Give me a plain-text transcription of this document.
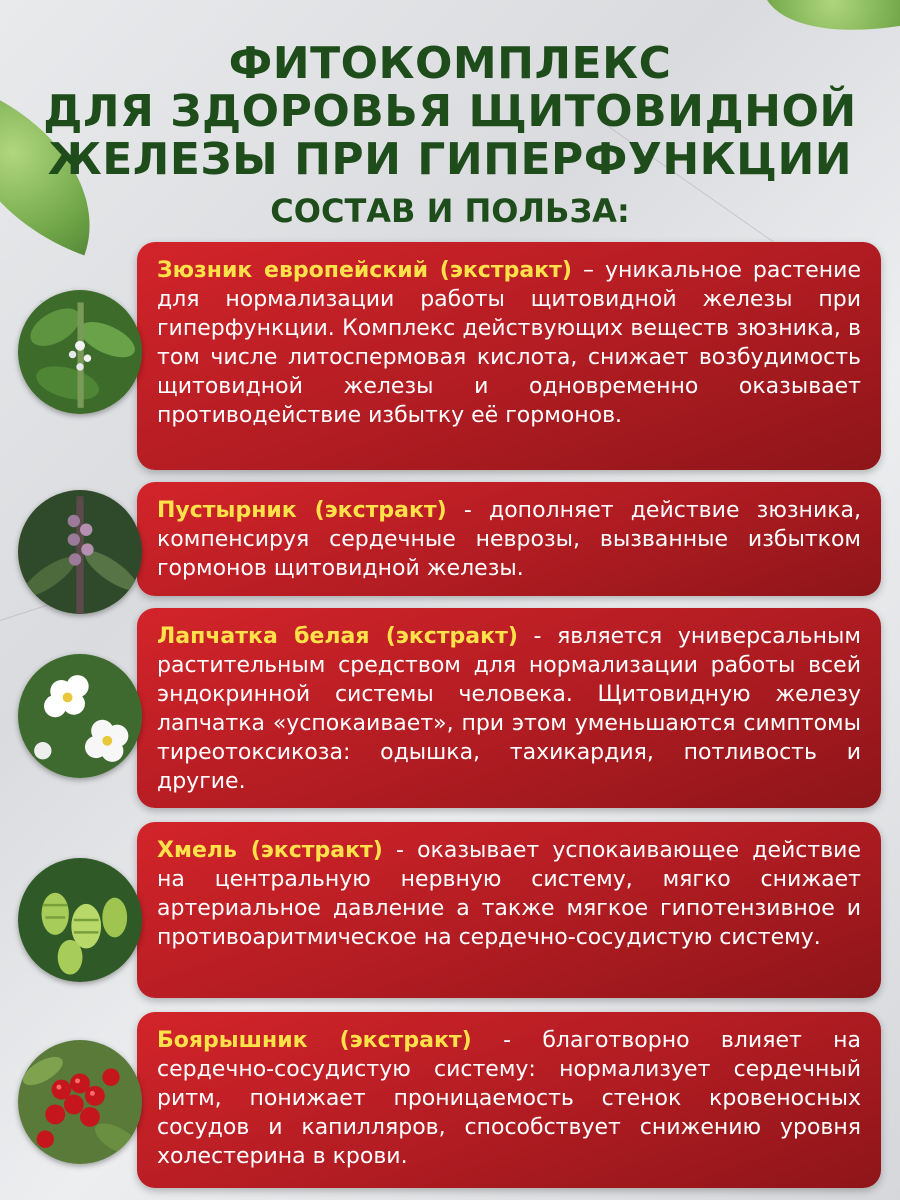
ФИТОКОМПЛЕКС
ДЛЯ ЗДОРОВЬЯ ЩИТОВИДНОЙ
ЖЕЛЕЗЫ ПРИ ГИПЕРФУНКЦИИ
СОСТАВ И ПОЛЬЗА:

Зюзник европейский (экстракт) – уникальное растение для нормализации работы щитовидной железы при гиперфункции. Комплекс действующих веществ зюзника, в том числе литоспермовая кислота, снижает возбудимость щитовидной железы и одновременно оказывает противодействие избытку её гормонов.

Пустырник (экстракт) - дополняет действие зюзника, компенсируя сердечные неврозы, вызванные избытком гормонов щитовидной железы.

Лапчатка белая (экстракт) - является универсальным растительным средством для нормализации работы всей эндокринной системы человека. Щитовидную железу лапчатка «успокаивает», при этом уменьшаются симптомы тиреотоксикоза: одышка, тахикардия, потливость и другие.

Хмель (экстракт) - оказывает успокаивающее действие на центральную нервную систему, мягко снижает артериальное давление а также мягкое гипотензивное и противоаритмическое на сердечно-сосудистую систему.

Боярышник (экстракт) - благотворно влияет на сердечно-сосудистую систему: нормализует сердечный ритм, понижает проницаемость стенок кровеносных сосудов и капилляров, способствует снижению уровня холестерина в крови.
